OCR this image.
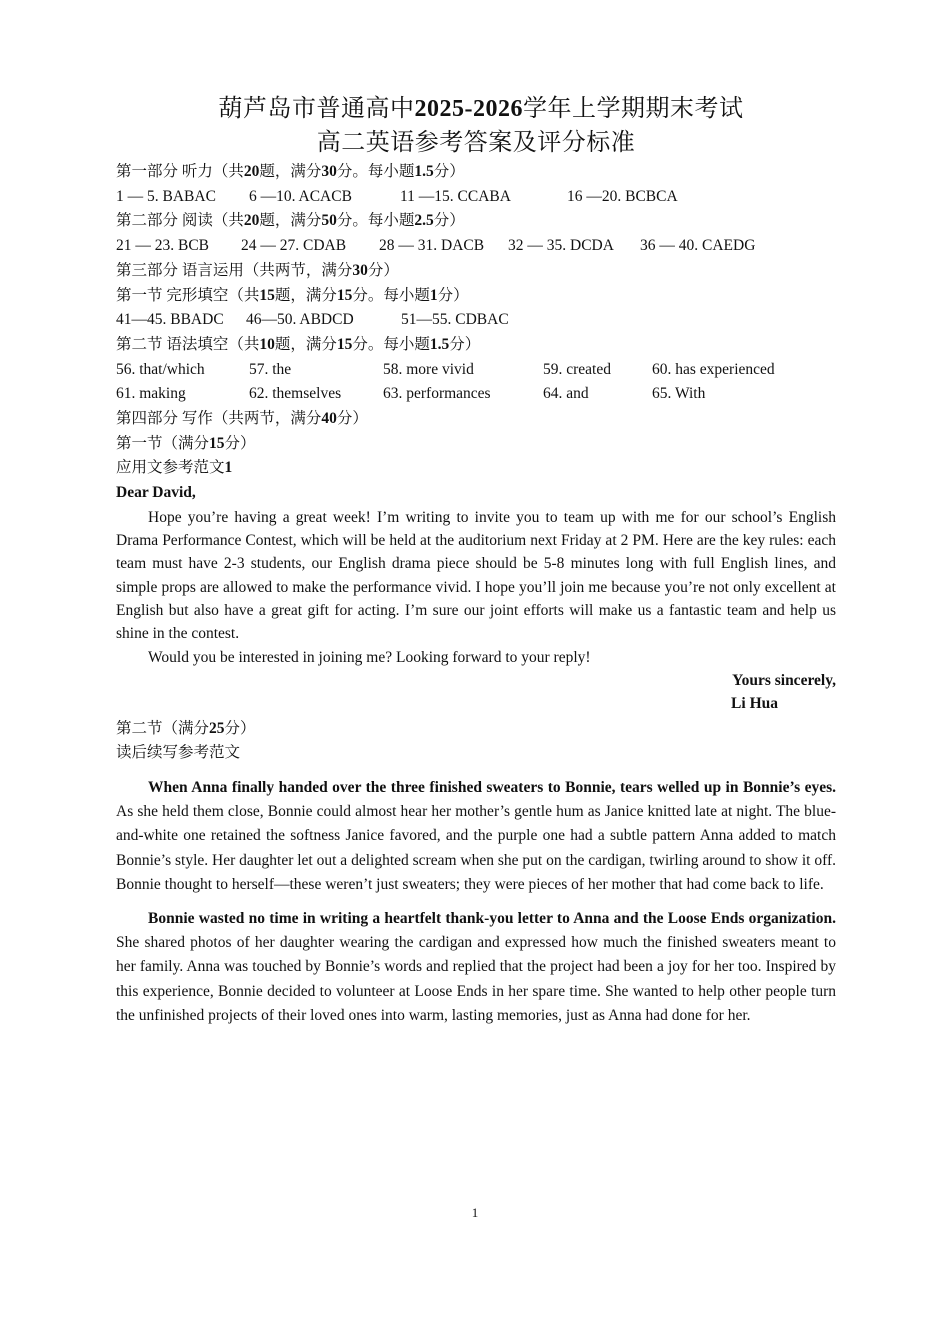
葫芦岛市普通高中2025-2026学年上学期期末考试
高二英语参考答案及评分标准
第一部分 听力（共20题，满分30分。每小题1.5分）
1 — 5. BABAC	6 —10. ACACB	11 —15. CCABA	16 —20. BCBCA
第二部分 阅读（共20题，满分50分。每小题2.5分）
21 — 23. BCB	24 — 27. CDAB	28 — 31. DACB	32 — 35. DCDA	36 — 40. CAEDG
第三部分 语言运用（共两节，满分30分）
第一节 完形填空（共15题，满分15分。每小题1分）
41—45. BBADC	46—50. ABDCD	51—55. CDBAC
第二节 语法填空（共10题，满分15分。每小题1.5分）
56. that/which	57. the	58. more vivid	59. created	60. has experienced
61. making	62. themselves	63. performances	64. and	65. With
第四部分 写作（共两节，满分40分）
第一节（满分15分）
应用文参考范文1
Dear David,

Hope you’re having a great week! I’m writing to invite you to team up with me for our school’s English Drama Performance Contest, which will be held at the auditorium next Friday at 2 PM. Here are the key rules: each team must have 2-3 students, our English drama piece should be 5-8 minutes long with full English lines, and simple props are allowed to make the performance vivid. I hope you’ll join me because you’re not only excellent at English but also have a great gift for acting. I’m sure our joint efforts will make us a fantastic team and help us shine in the contest.

Would you be interested in joining me? Looking forward to your reply!

Yours sincerely,
Li Hua
第二节（满分25分）
读后续写参考范文

When Anna finally handed over the three finished sweaters to Bonnie, tears welled up in Bonnie’s eyes. As she held them close, Bonnie could almost hear her mother’s gentle hum as Janice knitted late at night. The blue-and-white one retained the softness Janice favored, and the purple one had a subtle pattern Anna added to match Bonnie’s style. Her daughter let out a delighted scream when she put on the cardigan, twirling around to show it off. Bonnie thought to herself—these weren’t just sweaters; they were pieces of her mother that had come back to life.

Bonnie wasted no time in writing a heartfelt thank-you letter to Anna and the Loose Ends organization. She shared photos of her daughter wearing the cardigan and expressed how much the finished sweaters meant to her family. Anna was touched by Bonnie’s words and replied that the project had been a joy for her too. Inspired by this experience, Bonnie decided to volunteer at Loose Ends in her spare time. She wanted to help other people turn the unfinished projects of their loved ones into warm, lasting memories, just as Anna had done for her.

1
